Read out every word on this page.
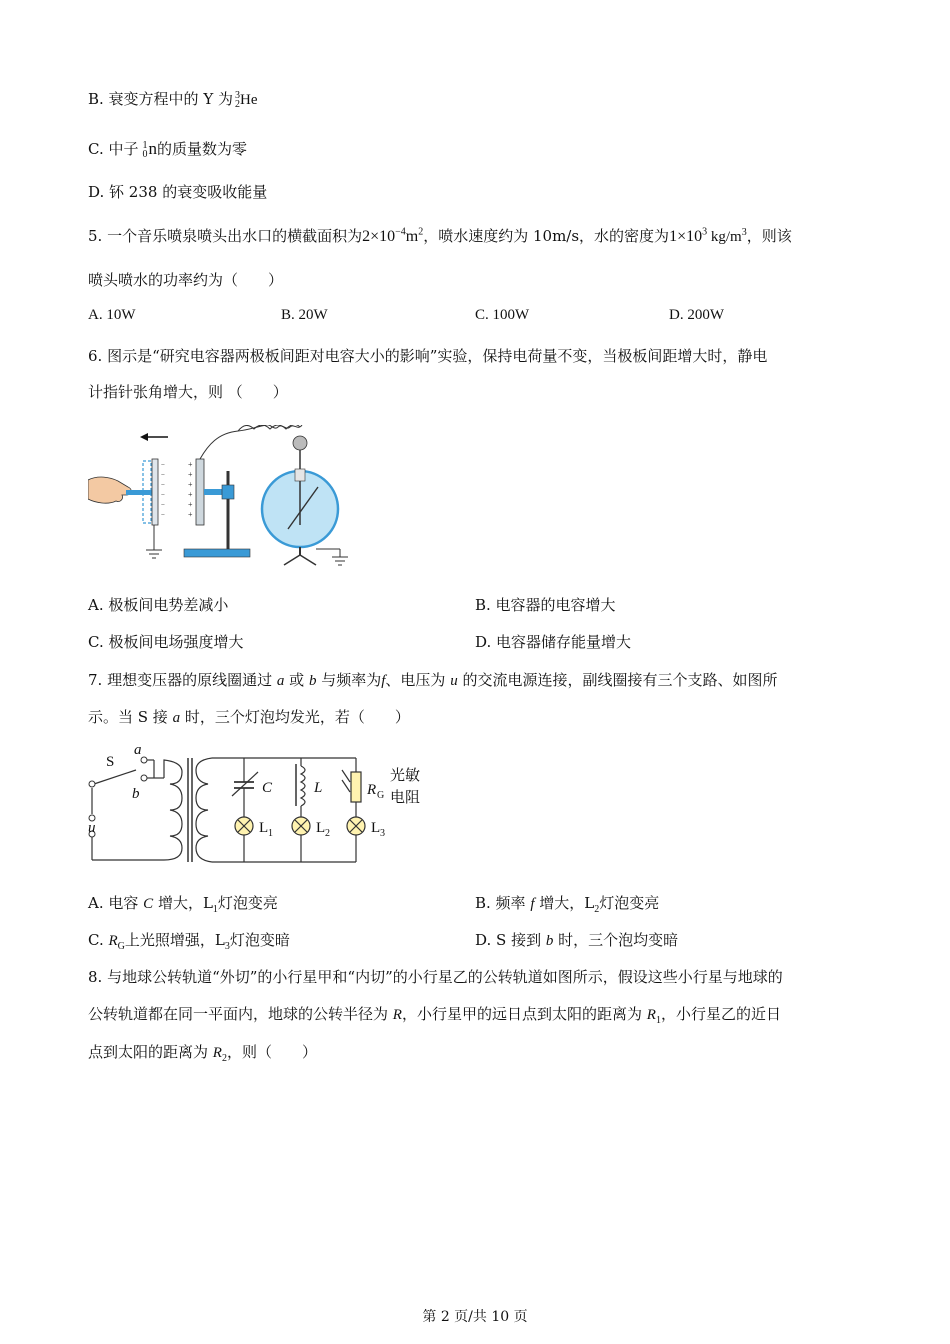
B. 衰变方程中的 Y 为 3
2 He
C. 中子 1
0 n的质量数为零
D. 钚 238 的衰变吸收能量
5. 一个音乐喷泉喷头出水口的横截面积为$2\times 10^{-4}m^2$，喷水速度约为 10m/s，水的密度为$1\times 10^3$ $kg/m^3$，则该
喷头喷水的功率约为（　　）
A. 10W	B. 20W	C. 100W	D. 200W
6. 图示是“研究电容器两极板间距对电容大小的影响”实验，保持电荷量不变，当极板间距增大时，静电
计指针张角增大，则 （　　）
−
−
−
−
−
−
+
+
+
+
+
+
A. 极板间电势差减小	B. 电容器的电容增大
C. 极板间电场强度增大	D. 电容器储存能量增大
7. 理想变压器的原线圈通过 a 或 b 与频率为f、电压为 u 的交流电源连接，副线圈接有三个支路、如图所
示。当 S 接 a 时，三个灯泡均发光，若（　　）
S
a
b
u
C	L	R G
光敏
电阻
L 1	L 2	L 3
A. 电容 C 增大，$L_1$灯泡变亮	B. 频率 f 增大，$L_2$灯泡变亮
C. $R_G$上光照增强，$L_3$灯泡变暗	D. S 接到 b 时，三个泡均变暗
8. 与地球公转轨道“外切”的小行星甲和“内切”的小行星乙的公转轨道如图所示，假设这些小行星与地球的
公转轨道都在同一平面内，地球的公转半径为 R，小行星甲的远日点到太阳的距离为 $R_1$，小行星乙的近日
点到太阳的距离为 $R_2$，则（　　）
第 2 页/共 10 页
